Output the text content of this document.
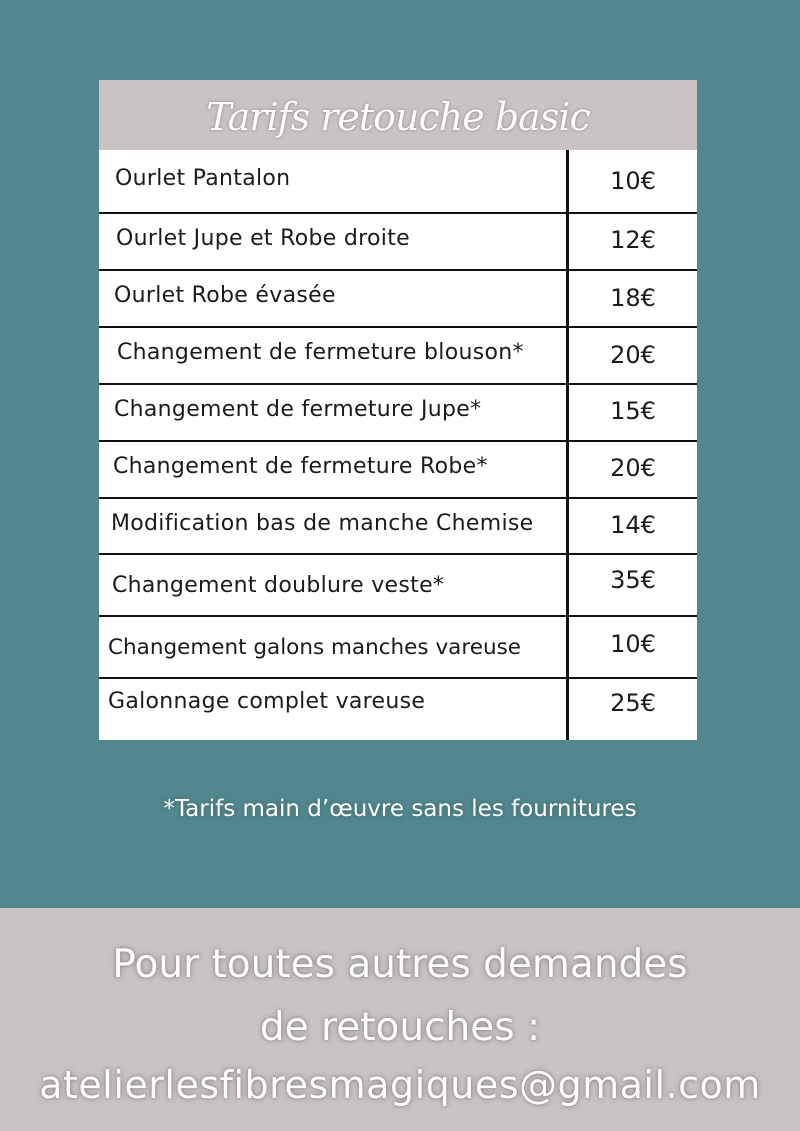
Tarifs retouche basic
Ourlet Pantalon	10€
Ourlet Jupe et Robe droite	12€
Ourlet Robe évasée	18€
Changement de fermeture blouson*	20€
Changement de fermeture Jupe*	15€
Changement de fermeture Robe*	20€
Modification bas de manche Chemise	14€
Changement doublure veste*	35€
Changement galons manches vareuse	10€
Galonnage complet vareuse	25€
*Tarifs main d’œuvre sans les fournitures
Pour toutes autres demandes
de retouches :
atelierlesfibresmagiques@gmail.com
